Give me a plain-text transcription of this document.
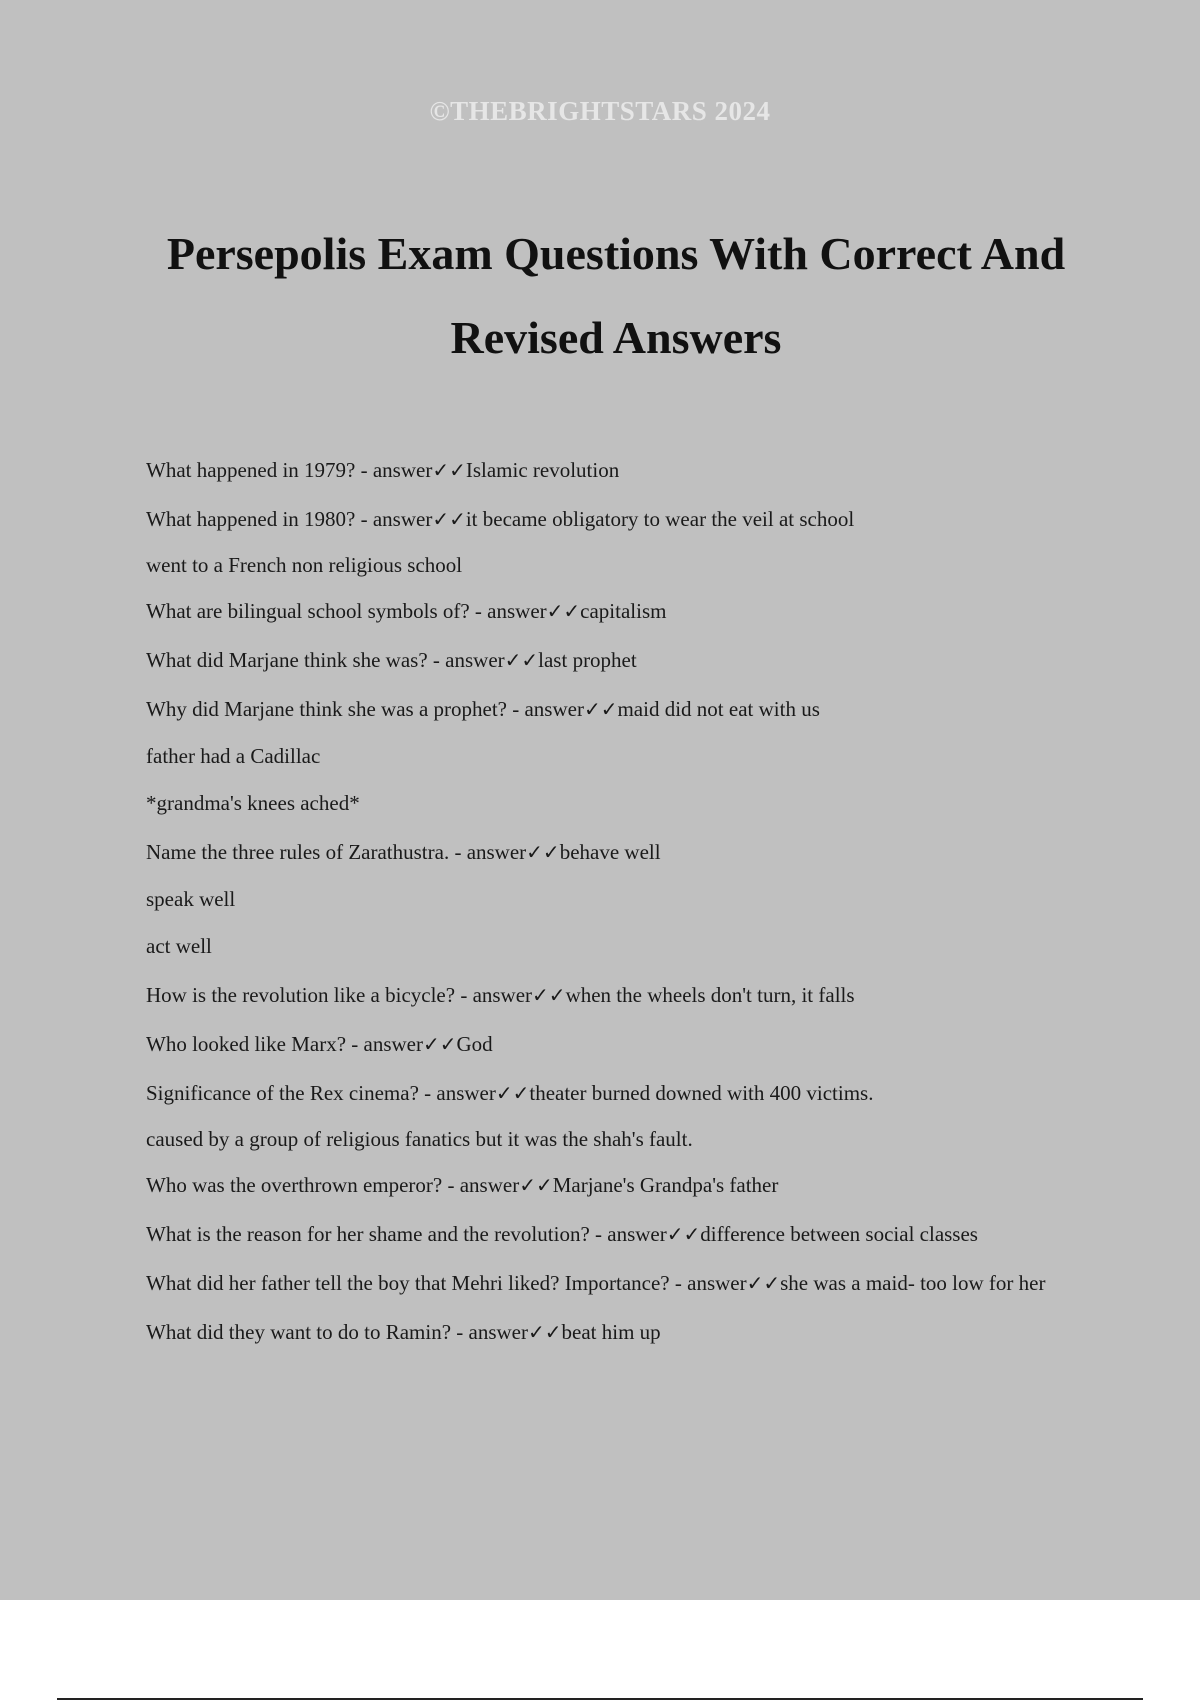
©THEBRIGHTSTARS 2024
Persepolis Exam Questions With Correct And Revised Answers
What happened in 1979? - answer✓✓Islamic revolution
What happened in 1980? - answer✓✓it became obligatory to wear the veil at school
went to a French non religious school
What are bilingual school symbols of? - answer✓✓capitalism
What did Marjane think she was? - answer✓✓last prophet
Why did Marjane think she was a prophet? - answer✓✓maid did not eat with us
father had a Cadillac
*grandma's knees ached*
Name the three rules of Zarathustra. - answer✓✓behave well
speak well
act well
How is the revolution like a bicycle? - answer✓✓when the wheels don't turn, it falls
Who looked like Marx? - answer✓✓God
Significance of the Rex cinema? - answer✓✓theater burned downed with 400 victims.
caused by a group of religious fanatics but it was the shah's fault.
Who was the overthrown emperor? - answer✓✓Marjane's Grandpa's father
What is the reason for her shame and the revolution? - answer✓✓difference between social classes
What did her father tell the boy that Mehri liked? Importance? - answer✓✓she was a maid- too low for her
What did they want to do to Ramin? - answer✓✓beat him up
